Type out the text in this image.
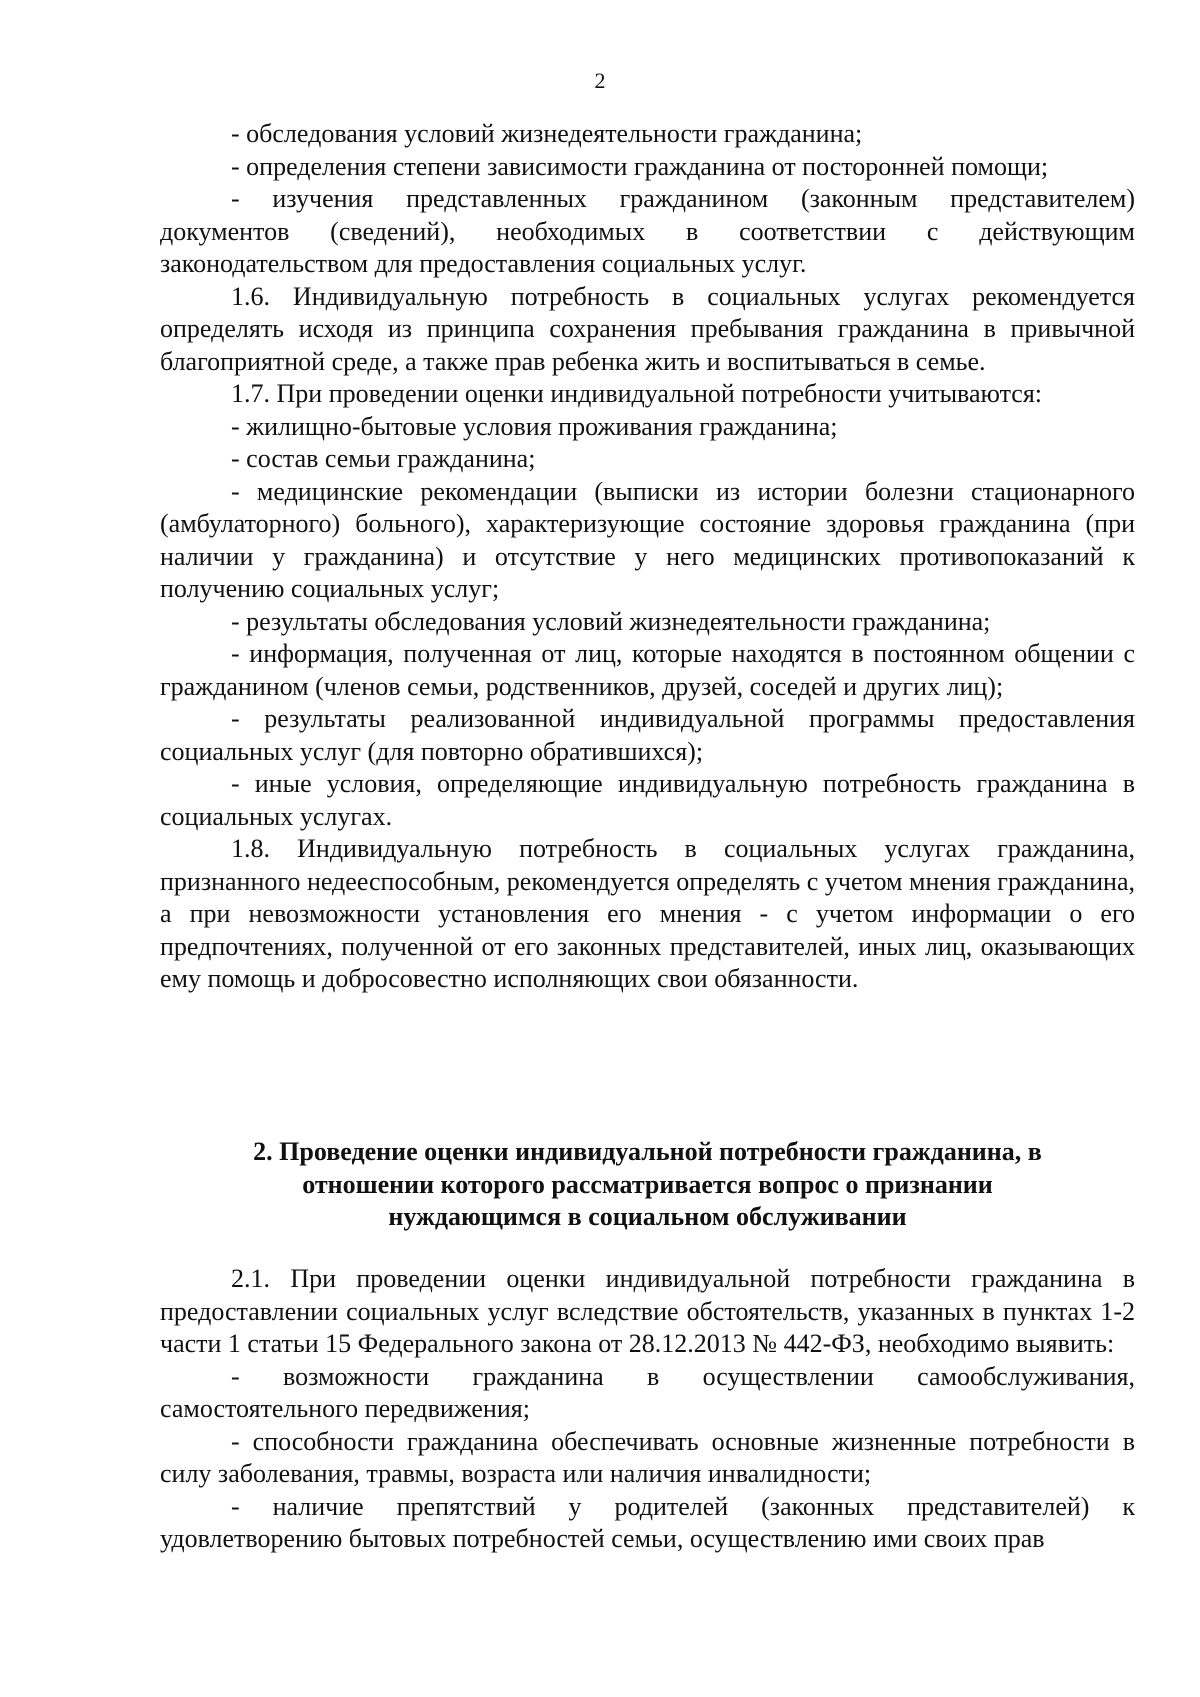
2

- обследования условий жизнедеятельности гражданина;

- определения степени зависимости гражданина от посторонней помощи;

- изучения представленных гражданином (законным представителем) документов (сведений), необходимых в соответствии с действующим законодательством для предоставления социальных услуг.

1.6. Индивидуальную потребность в социальных услугах рекомендуется определять исходя из принципа сохранения пребывания гражданина в привычной благоприятной среде, а также прав ребенка жить и воспитываться в семье.

1.7. При проведении оценки индивидуальной потребности учитываются:

- жилищно-бытовые условия проживания гражданина;

- состав семьи гражданина;

- медицинские рекомендации (выписки из истории болезни стационарного (амбулаторного) больного), характеризующие состояние здоровья гражданина (при наличии у гражданина) и отсутствие у него медицинских противопоказаний к получению социальных услуг;

- результаты обследования условий жизнедеятельности гражданина;

- информация, полученная от лиц, которые находятся в постоянном общении с гражданином (членов семьи, родственников, друзей, соседей и других лиц);

- результаты реализованной индивидуальной программы предоставления социальных услуг (для повторно обратившихся);

- иные условия, определяющие индивидуальную потребность гражданина в социальных услугах.

1.8. Индивидуальную потребность в социальных услугах гражданина, признанного недееспособным, рекомендуется определять с учетом мнения гражданина, а при невозможности установления его мнения - с учетом информации о его предпочтениях, полученной от его законных представителей, иных лиц, оказывающих ему помощь и добросовестно исполняющих свои обязанности.

2. Проведение оценки индивидуальной потребности гражданина, в
отношении которого рассматривается вопрос о признании
нуждающимся в социальном обслуживании

2.1. При проведении оценки индивидуальной потребности гражданина в предоставлении социальных услуг вследствие обстоятельств, указанных в пунктах 1-2 части 1 статьи 15 Федерального закона от 28.12.2013 № 442-ФЗ, необходимо выявить:

- возможности гражданина в осуществлении самообслуживания, самостоятельного передвижения;

- способности гражданина обеспечивать основные жизненные потребности в силу заболевания, травмы, возраста или наличия инвалидности;

- наличие препятствий у родителей (законных представителей) к удовлетворению бытовых потребностей семьи, осуществлению ими своих прав
